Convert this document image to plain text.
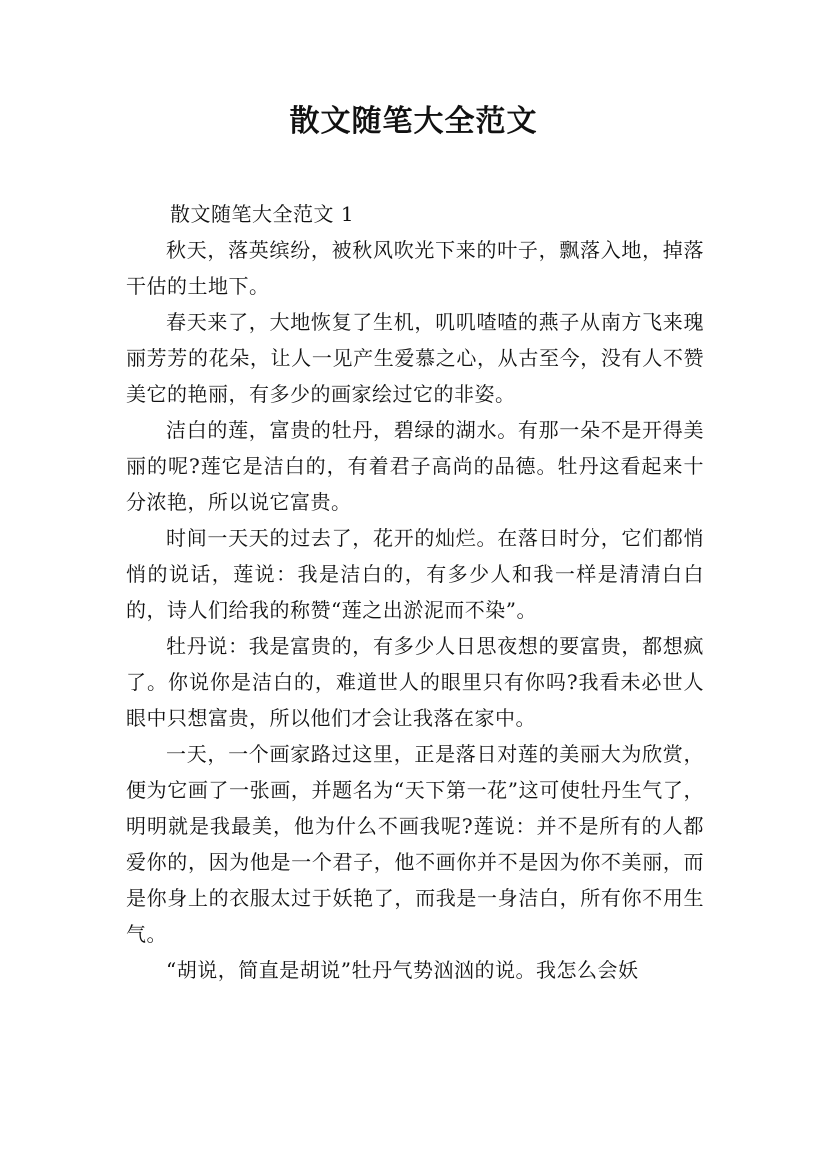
散文随笔大全范文

散文随笔大全范文 1

秋天，落英缤纷，被秋风吹光下来的叶子，飘落入地，掉落干估的土地下。

春天来了，大地恢复了生机，叽叽喳喳的燕子从南方飞来瑰丽芳芳的花朵，让人一见产生爱慕之心，从古至今，没有人不赞美它的艳丽，有多少的画家绘过它的非姿。

洁白的莲，富贵的牡丹，碧绿的湖水。有那一朵不是开得美丽的呢?莲它是洁白的，有着君子高尚的品德。牡丹这看起来十分浓艳，所以说它富贵。

时间一天天的过去了，花开的灿烂。在落日时分，它们都悄悄的说话，莲说：我是洁白的，有多少人和我一样是清清白白的，诗人们给我的称赞“莲之出淤泥而不染”。

牡丹说：我是富贵的，有多少人日思夜想的要富贵，都想疯了。你说你是洁白的，难道世人的眼里只有你吗?我看未必世人眼中只想富贵，所以他们才会让我落在家中。

一天，一个画家路过这里，正是落日对莲的美丽大为欣赏，便为它画了一张画，并题名为“天下第一花”这可使牡丹生气了，明明就是我最美，他为什么不画我呢?莲说：并不是所有的人都爱你的，因为他是一个君子，他不画你并不是因为你不美丽，而是你身上的衣服太过于妖艳了，而我是一身洁白，所有你不用生气。

“胡说，简直是胡说”牡丹气势汹汹的说。我怎么会妖
